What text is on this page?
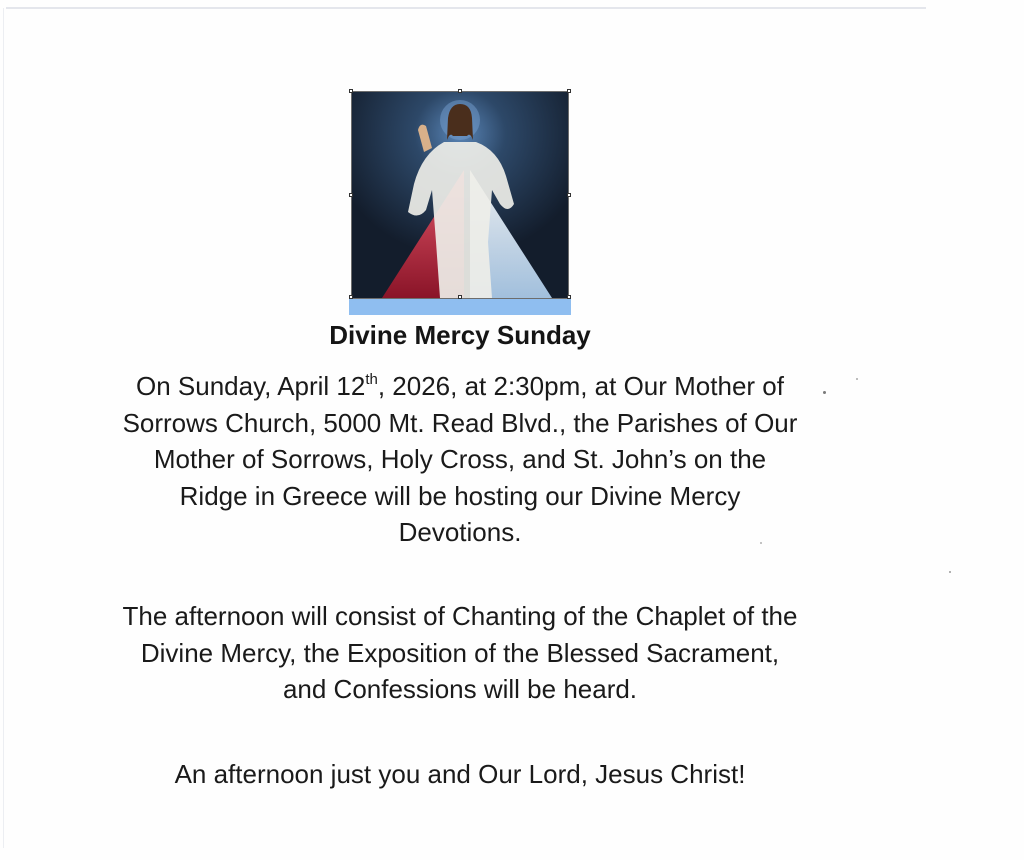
Divine Mercy Sunday
On Sunday, April 12th, 2026, at 2:30pm, at Our Mother of Sorrows Church, 5000 Mt. Read Blvd., the Parishes of Our Mother of Sorrows, Holy Cross, and St. John’s on the Ridge in Greece will be hosting our Divine Mercy Devotions.
The afternoon will consist of Chanting of the Chaplet of the Divine Mercy, the Exposition of the Blessed Sacrament, and Confessions will be heard.
An afternoon just you and Our Lord, Jesus Christ!
